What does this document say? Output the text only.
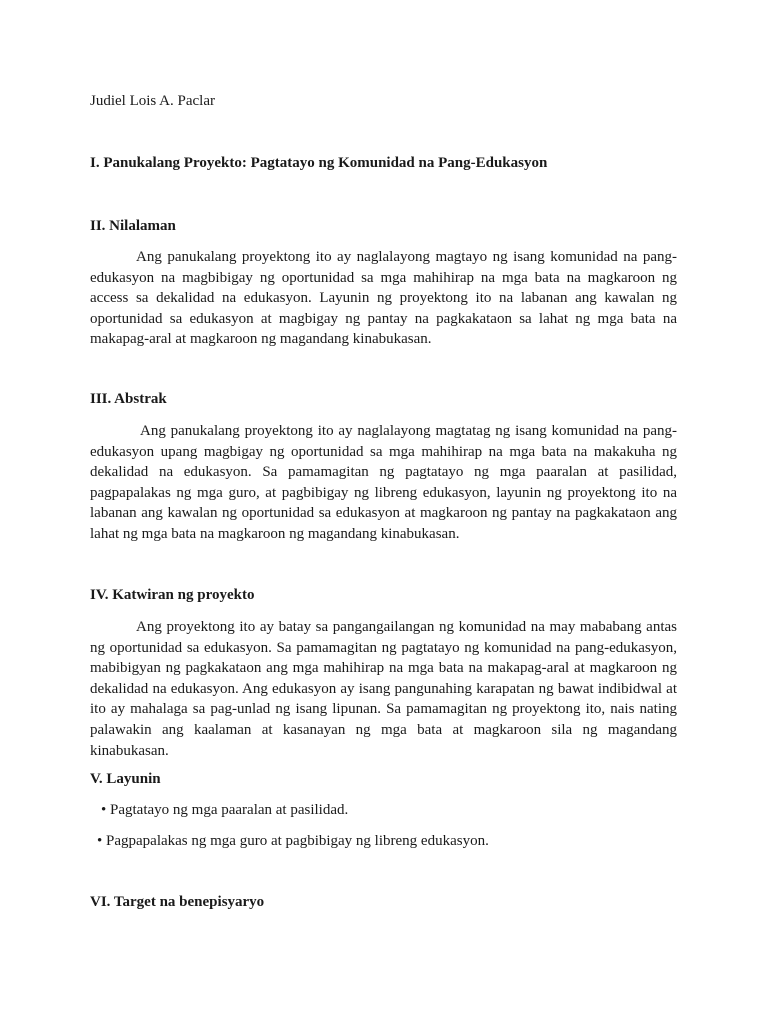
Judiel Lois A. Paclar

I. Panukalang Proyekto: Pagtatayo ng Komunidad na Pang-Edukasyon

II. Nilalaman

Ang panukalang proyektong ito ay naglalayong magtayo ng isang komunidad na pang-edukasyon na magbibigay ng oportunidad sa mga mahihirap na mga bata na magkaroon ng access sa dekalidad na edukasyon. Layunin ng proyektong ito na labanan ang kawalan ng oportunidad sa edukasyon at magbigay ng pantay na pagkakataon sa lahat ng mga bata na makapag-aral at magkaroon ng magandang kinabukasan.

III. Abstrak

Ang panukalang proyektong ito ay naglalayong magtatag ng isang komunidad na pang-edukasyon upang magbigay ng oportunidad sa mga mahihirap na mga bata na makakuha ng dekalidad na edukasyon. Sa pamamagitan ng pagtatayo ng mga paaralan at pasilidad, pagpapalakas ng mga guro, at pagbibigay ng libreng edukasyon, layunin ng proyektong ito na labanan ang kawalan ng oportunidad sa edukasyon at magkaroon ng pantay na pagkakataon ang lahat ng mga bata na magkaroon ng magandang kinabukasan.

IV. Katwiran ng proyekto

Ang proyektong ito ay batay sa pangangailangan ng komunidad na may mababang antas ng oportunidad sa edukasyon. Sa pamamagitan ng pagtatayo ng komunidad na pang-edukasyon, mabibigyan ng pagkakataon ang mga mahihirap na mga bata na makapag-aral at magkaroon ng dekalidad na edukasyon. Ang edukasyon ay isang pangunahing karapatan ng bawat indibidwal at ito ay mahalaga sa pag-unlad ng isang lipunan. Sa pamamagitan ng proyektong ito, nais nating palawakin ang kaalaman at kasanayan ng mga bata at magkaroon sila ng magandang kinabukasan.

V. Layunin

• Pagtatayo ng mga paaralan at pasilidad.

• Pagpapalakas ng mga guro at pagbibigay ng libreng edukasyon.

VI. Target na benepisyaryo
